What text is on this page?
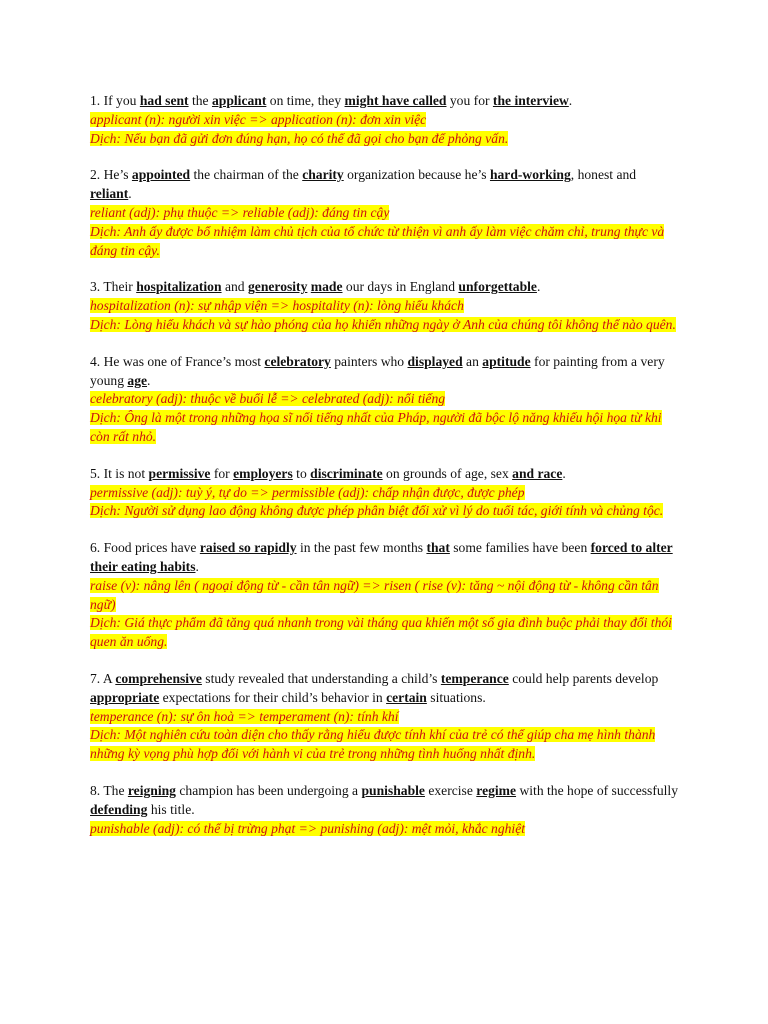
1. If you had sent the applicant on time, they might have called you for the interview.
applicant (n): người xin việc => application (n): đơn xin việc
Dịch: Nếu bạn đã gửi đơn đúng hạn, họ có thể đã gọi cho bạn để phỏng vấn.
2. He’s appointed the chairman of the charity organization because he’s hard-working, honest and reliant.
reliant (adj): phụ thuộc => reliable (adj): đáng tin cậy
Dịch: Anh ấy được bổ nhiệm làm chủ tịch của tổ chức từ thiện vì anh ấy làm việc chăm chỉ, trung thực và đáng tin cậy.
3. Their hospitalization and generosity made our days in England unforgettable.
hospitalization (n): sự nhập viện => hospitality (n): lòng hiếu khách
Dịch: Lòng hiếu khách và sự hào phóng của họ khiến những ngày ở Anh của chúng tôi không thể nào quên.
4. He was one of France’s most celebratory painters who displayed an aptitude for painting from a very young age.
celebratory (adj): thuộc về buổi lễ => celebrated (adj): nổi tiếng
Dịch: Ông là một trong những họa sĩ nổi tiếng nhất của Pháp, người đã bộc lộ năng khiếu hội họa từ khi còn rất nhỏ.
5. It is not permissive for employers to discriminate on grounds of age, sex and race.
permissive (adj): tuỳ ý, tự do => permissible (adj): chấp nhận được, được phép
Dịch: Người sử dụng lao động không được phép phân biệt đối xử vì lý do tuổi tác, giới tính và chủng tộc.
6. Food prices have raised so rapidly in the past few months that some families have been forced to alter their eating habits.
raise (v): nâng lên ( ngoại động từ - cần tân ngữ) => risen ( rise (v): tăng ~ nội động từ - không cần tân ngữ)
Dịch: Giá thực phẩm đã tăng quá nhanh trong vài tháng qua khiến một số gia đình buộc phải thay đổi thói quen ăn uống.
7. A comprehensive study revealed that understanding a child’s temperance could help parents develop appropriate expectations for their child’s behavior in certain situations.
temperance (n): sự ôn hoà => temperament (n): tính khí
Dịch: Một nghiên cứu toàn diện cho thấy rằng hiểu được tính khí của trẻ có thể giúp cha mẹ hình thành những kỳ vọng phù hợp đối với hành vi của trẻ trong những tình huống nhất định.
8. The reigning champion has been undergoing a punishable exercise regime with the hope of successfully defending his title.
punishable (adj): có thể bị trừng phạt => punishing (adj): mệt mỏi, khắc nghiệt
